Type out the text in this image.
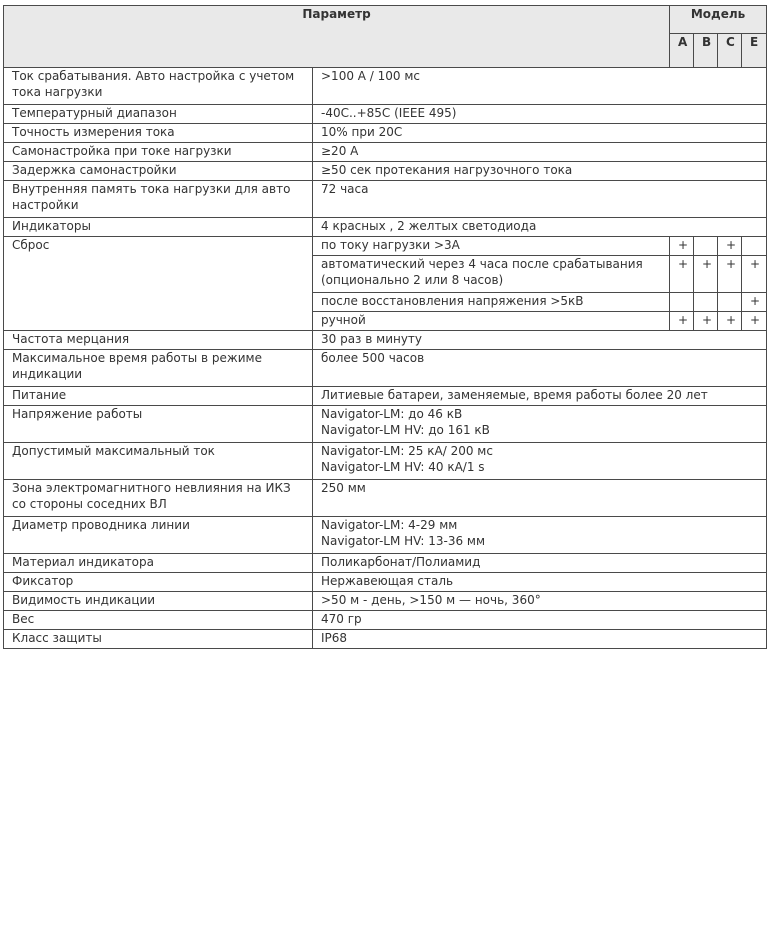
Параметр		Модель			
		A	B	C	E
Ток срабатывания. Авто настройка с учетом тока нагрузки	>100 А / 100 мс				
Температурный диапазон	-40C..+85C (IEEE 495)				
Точность измерения тока	10% при 20C				
Самонастройка при токе нагрузки	≥20 А				
Задержка самонастройки	≥50 сек протекания нагрузочного тока				
Внутренняя память тока нагрузки для авто настройки	72 часа				
Индикаторы	4 красных , 2 желтых светодиода				
Сброс	по току нагрузки >3А	+		+	
	автоматический через 4 часа после срабатывания (опционально 2 или 8 часов)	+	+	+	+
	после восстановления напряжения >5кВ				+
	ручной	+	+	+	+
Частота мерцания	30 раз в минуту				
Максимальное время работы в режиме индикации	более 500 часов				
Питание	Литиевые батареи, заменяемые, время работы более 20 лет				
Напряжение работы	Navigator-LM: до 46 кВ
Navigator-LM HV: до 161 кВ				

Допустимый максимальный ток	Navigator-LM: 25 кА/ 200 мс
Navigator-LM HV: 40 кА/1 s				

Зона электромагнитного невлияния на ИКЗ со стороны соседних ВЛ	250 мм				
Диаметр проводника линии	Navigator-LM: 4-29 мм
Navigator-LM HV: 13-36 мм				

Материал индикатора	Поликарбонат/Полиамид				
Фиксатор	Нержавеющая сталь				
Видимость индикации	>50 м - день, >150 м — ночь, 360°				
Вес	470 гр				
Класс защиты	IP68				
